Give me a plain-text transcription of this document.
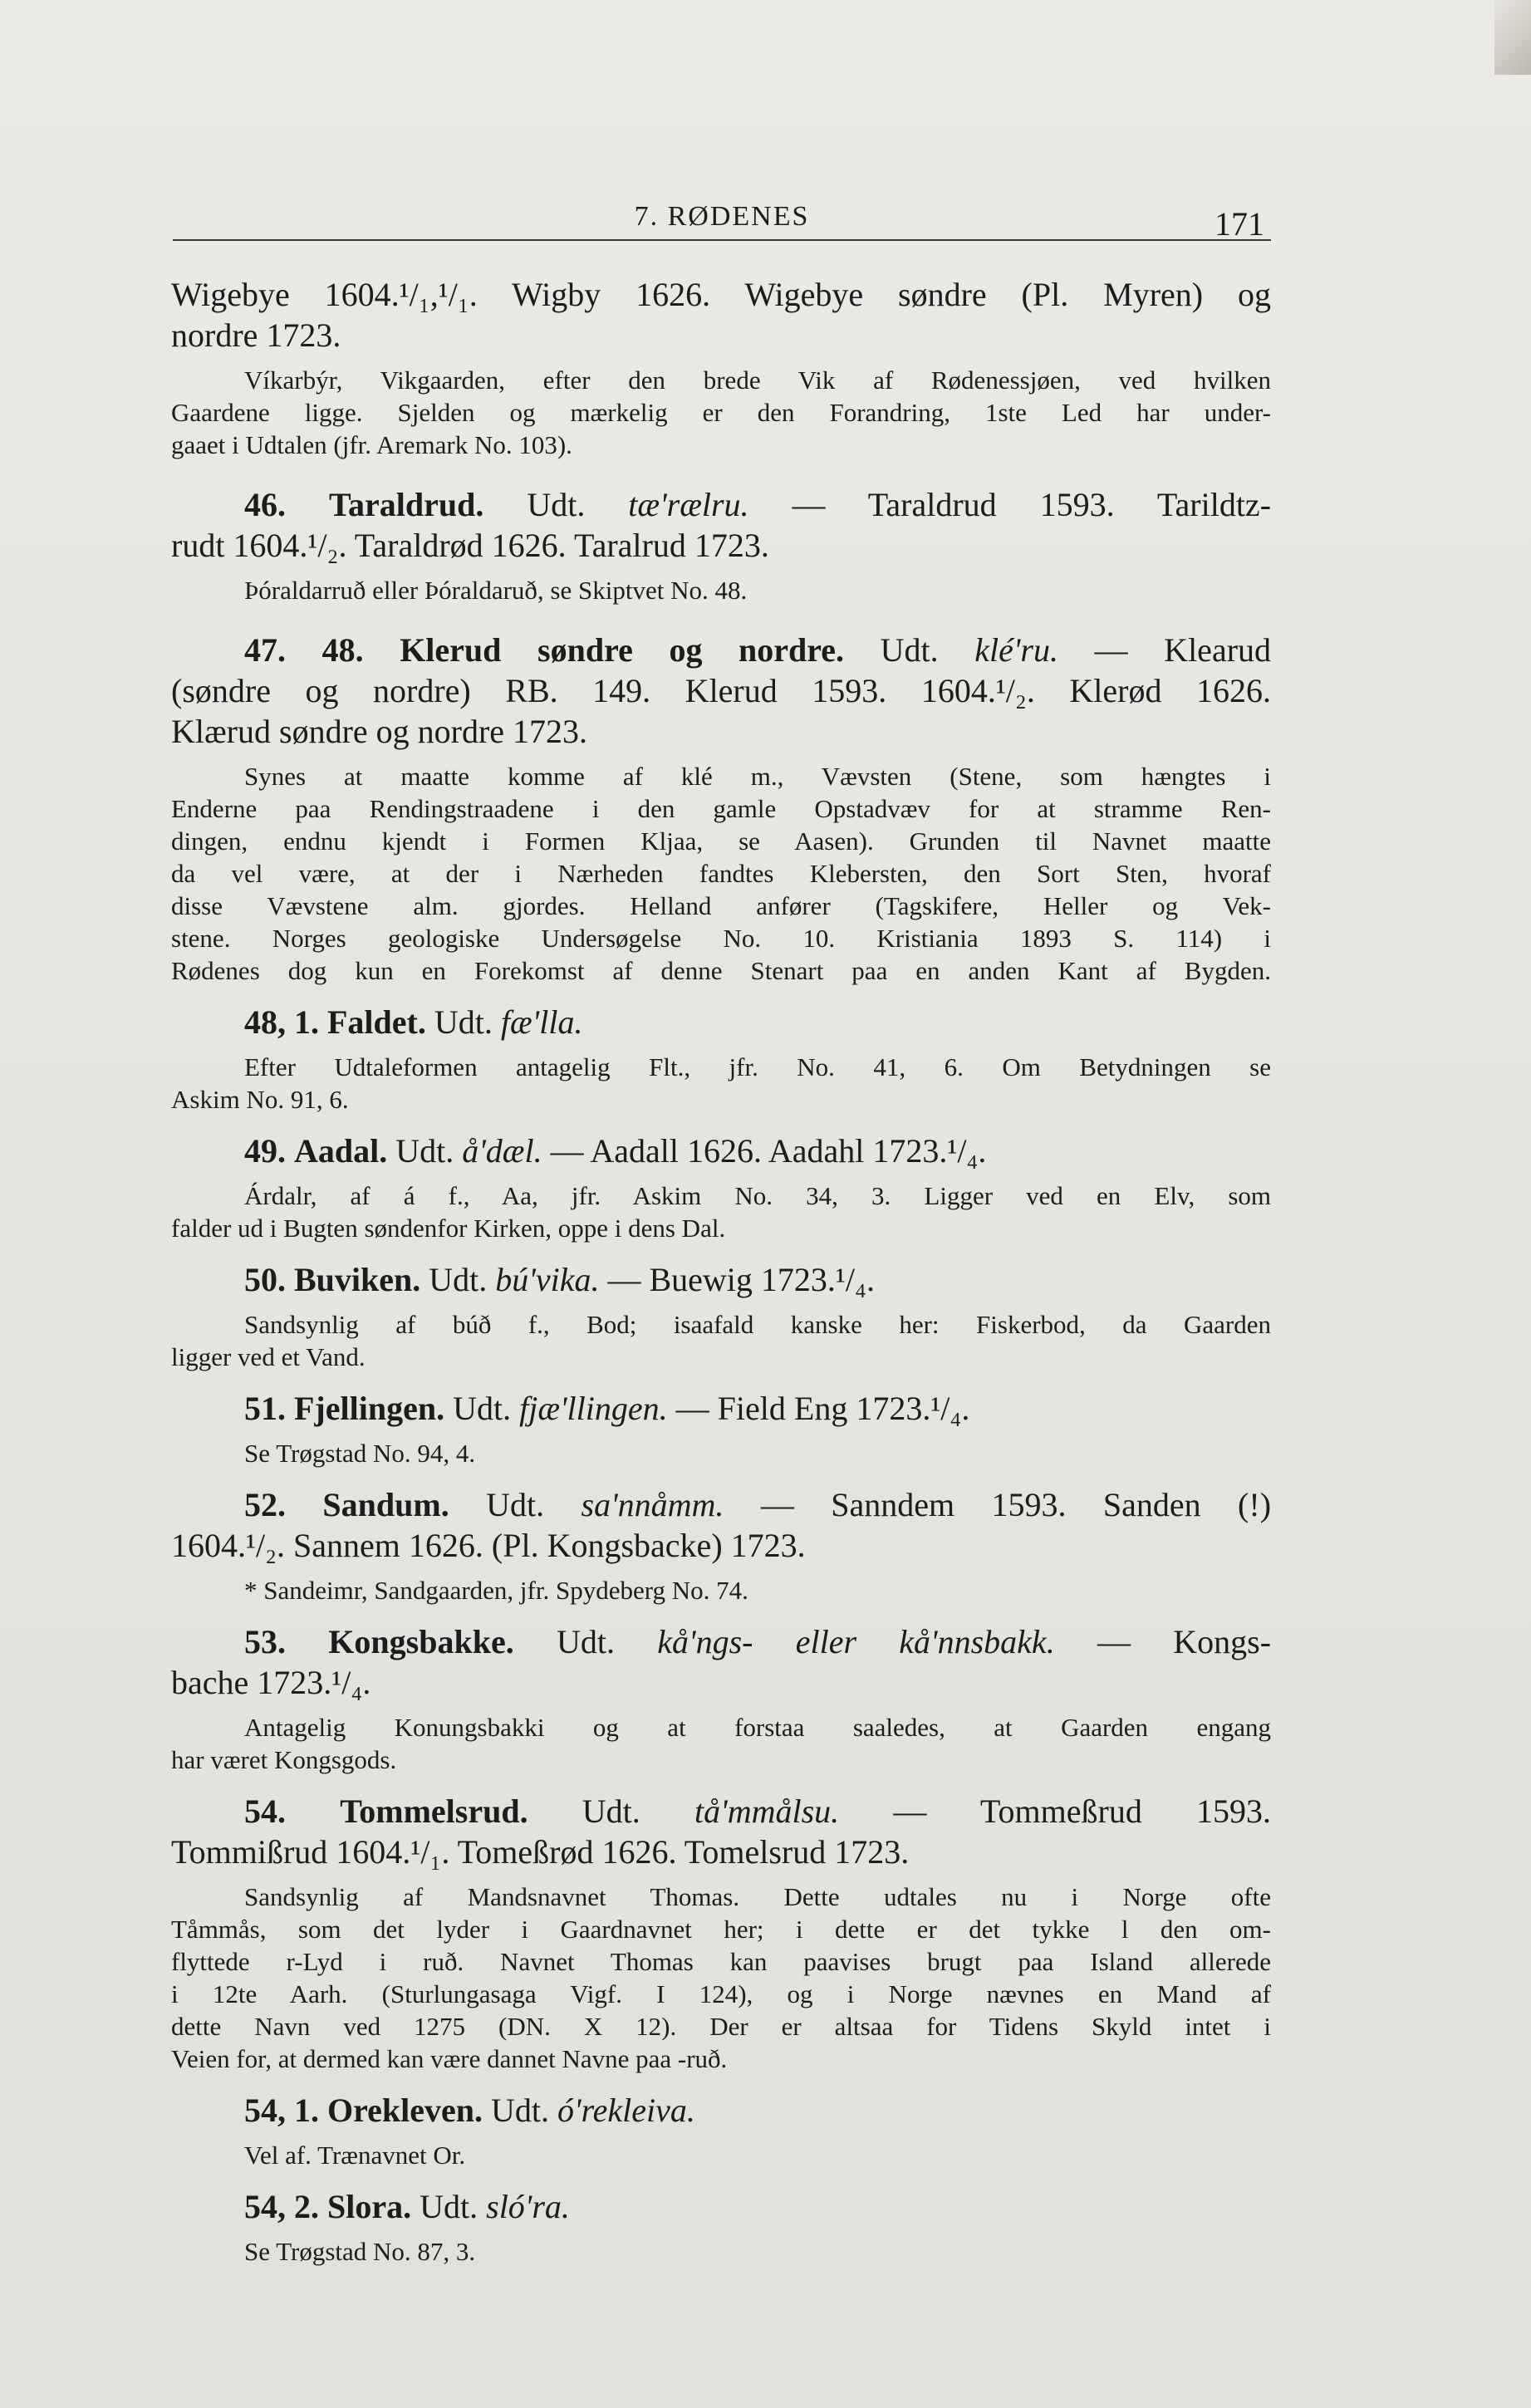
7. RØDENES	171
Wigebye 1604.¹/₁,¹/₁. Wigby 1626. Wigebye søndre (Pl. Myren) og
nordre 1723.
Víkarbýr, Vikgaarden, efter den brede Vik af Rødenessjøen, ved hvilken
Gaardene ligge. Sjelden og mærkelig er den Forandring, 1ste Led har under-
gaaet i Udtalen (jfr. Aremark No. 103).
46. Taraldrud. Udt. tæ'rælru. — Taraldrud 1593. Tarildtz-
rudt 1604.¹/₂. Taraldrød 1626. Taralrud 1723.
Þóraldarruð eller Þóraldaruð, se Skiptvet No. 48.
47. 48. Klerud søndre og nordre. Udt. klé'ru. — Klearud
(søndre og nordre) RB. 149. Klerud 1593. 1604.¹/₂. Klerød 1626.
Klærud søndre og nordre 1723.
Synes at maatte komme af klé m., Vævsten (Stene, som hængtes i
Enderne paa Rendingstraadene i den gamle Opstadvæv for at stramme Ren-
dingen, endnu kjendt i Formen Kljaa, se Aasen). Grunden til Navnet maatte
da vel være, at der i Nærheden fandtes Klebersten, den Sort Sten, hvoraf
disse Vævstene alm. gjordes. Helland anfører (Tagskifere, Heller og Vek-
stene. Norges geologiske Undersøgelse No. 10. Kristiania 1893 S. 114) i
Rødenes dog kun en Forekomst af denne Stenart paa en anden Kant af Bygden.
48, 1. Faldet. Udt. fæ'lla.
Efter Udtaleformen antagelig Flt., jfr. No. 41, 6. Om Betydningen se
Askim No. 91, 6.
49. Aadal. Udt. å'dæl. — Aadall 1626. Aadahl 1723.¹/₄.
Árdalr, af á f., Aa, jfr. Askim No. 34, 3. Ligger ved en Elv, som
falder ud i Bugten søndenfor Kirken, oppe i dens Dal.
50. Buviken. Udt. bú'vika. — Buewig 1723.¹/₄.
Sandsynlig af búð f., Bod; isaafald kanske her: Fiskerbod, da Gaarden
ligger ved et Vand.
51. Fjellingen. Udt. fjæ'llingen. — Field Eng 1723.¹/₄.
Se Trøgstad No. 94, 4.
52. Sandum. Udt. sa'nnåmm. — Sanndem 1593. Sanden (!)
1604.¹/₂. Sannem 1626. (Pl. Kongsbacke) 1723.
* Sandeimr, Sandgaarden, jfr. Spydeberg No. 74.
53. Kongsbakke. Udt. kå'ngs- eller kå'nnsbakk. — Kongs-
bache 1723.¹/₄.
Antagelig Konungsbakki og at forstaa saaledes, at Gaarden engang
har været Kongsgods.
54. Tommelsrud. Udt. tå'mmålsu. — Tommeßrud 1593.
Tommißrud 1604.¹/₁. Tomeßrød 1626. Tomelsrud 1723.
Sandsynlig af Mandsnavnet Thomas. Dette udtales nu i Norge ofte
Tåmmås, som det lyder i Gaardnavnet her; i dette er det tykke l den om-
flyttede r-Lyd i ruð. Navnet Thomas kan paavises brugt paa Island allerede
i 12te Aarh. (Sturlungasaga Vigf. I 124), og i Norge nævnes en Mand af
dette Navn ved 1275 (DN. X 12). Der er altsaa for Tidens Skyld intet i
Veien for, at dermed kan være dannet Navne paa -ruð.
54, 1. Orekleven. Udt. ó'rekleiva.
Vel af. Trænavnet Or.
54, 2. Slora. Udt. sló'ra.
Se Trøgstad No. 87, 3.
